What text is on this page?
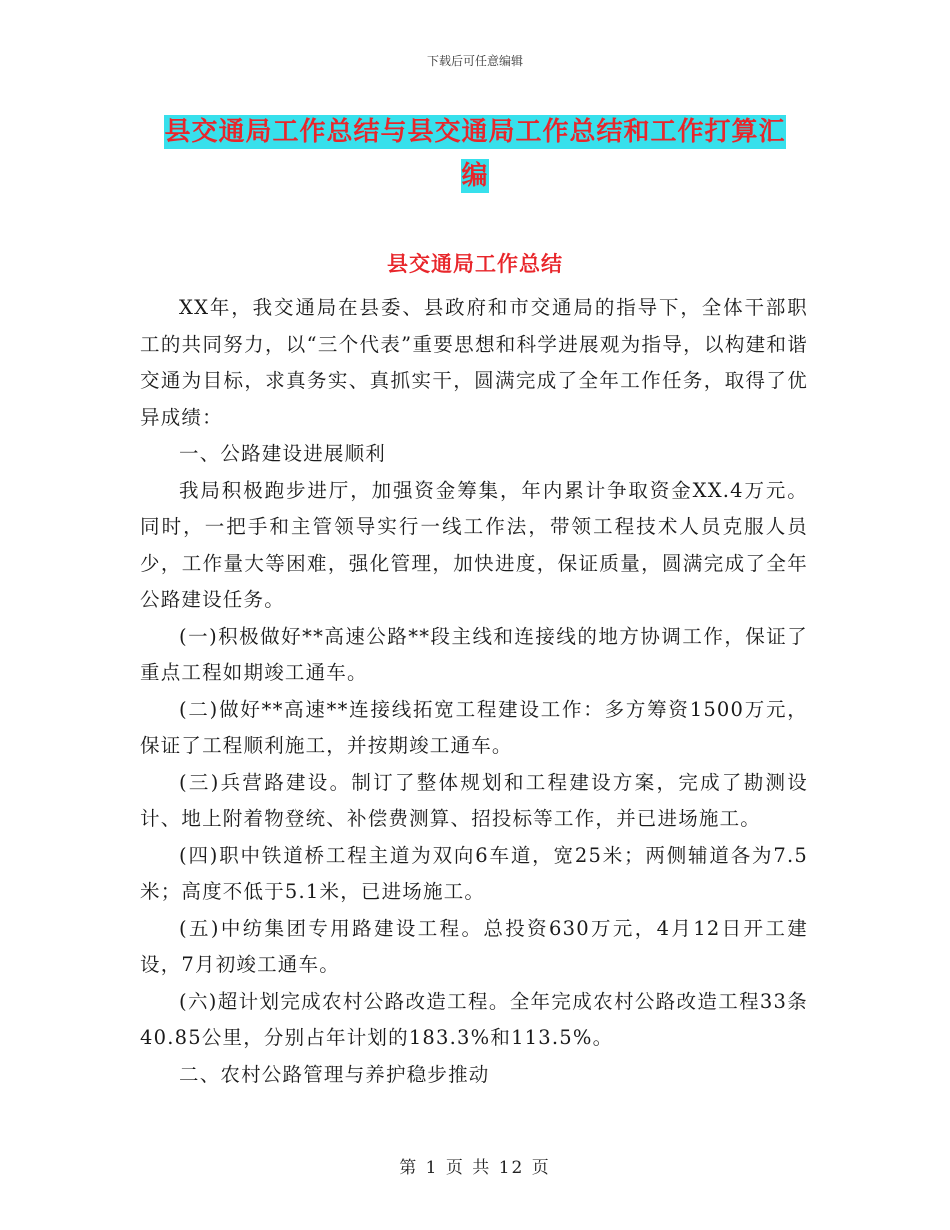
下载后可任意编辑
县交通局工作总结与县交通局工作总结和工作打算汇
编
县交通局工作总结

XX年，我交通局在县委、县政府和市交通局的指导下，全体干部职工的共同努力，以“三个代表”重要思想和科学进展观为指导，以构建和谐交通为目标，求真务实、真抓实干，圆满完成了全年工作任务，取得了优异成绩：

一、公路建设进展顺利

我局积极跑步进厅，加强资金筹集，年内累计争取资金XX.4万元。同时，一把手和主管领导实行一线工作法，带领工程技术人员克服人员少，工作量大等困难，强化管理，加快进度，保证质量，圆满完成了全年公路建设任务。

(一)积极做好**高速公路**段主线和连接线的地方协调工作，保证了重点工程如期竣工通车。

(二)做好**高速**连接线拓宽工程建设工作：多方筹资1500万元，保证了工程顺利施工，并按期竣工通车。

(三)兵营路建设。制订了整体规划和工程建设方案，完成了勘测设计、地上附着物登统、补偿费测算、招投标等工作，并已进场施工。

(四)职中铁道桥工程主道为双向6车道，宽25米；两侧辅道各为7.5米；高度不低于5.1米，已进场施工。

(五)中纺集团专用路建设工程。总投资630万元，4月12日开工建设，7月初竣工通车。

(六)超计划完成农村公路改造工程。全年完成农村公路改造工程33条40.85公里，分别占年计划的183.3%和113.5%。

二、农村公路管理与养护稳步推动

第 1 页 共 12 页
